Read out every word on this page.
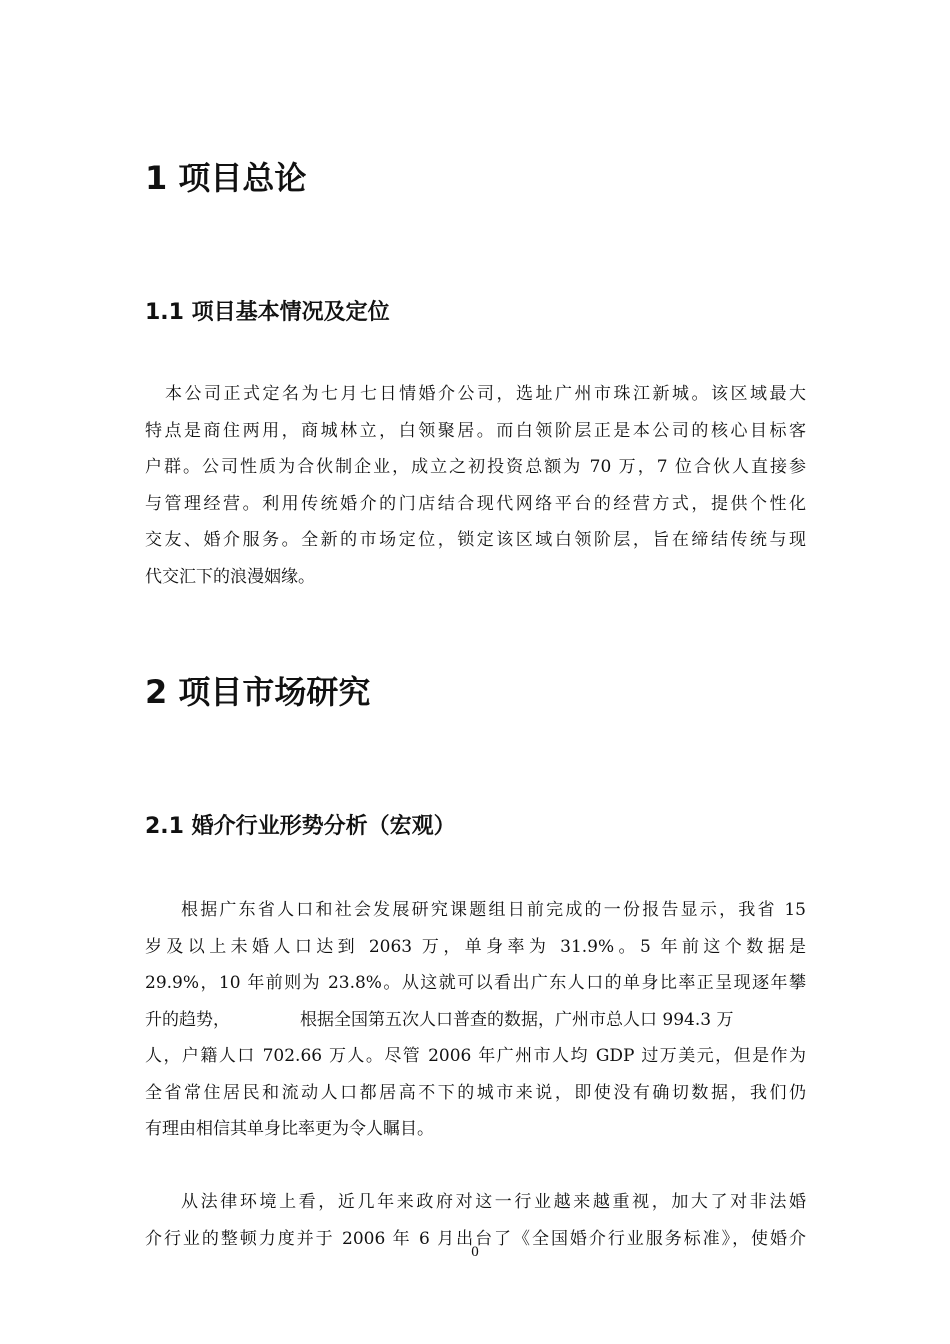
1 项目总论
1.1 项目基本情况及定位
本公司正式定名为七月七日情婚介公司，选址广州市珠江新城。该区域最大
特点是商住两用，商城林立，白领聚居。而白领阶层正是本公司的核心目标客
户群。公司性质为合伙制企业，成立之初投资总额为 70 万，7 位合伙人直接参
与管理经营。利用传统婚介的门店结合现代网络平台的经营方式，提供个性化
交友、婚介服务。全新的市场定位，锁定该区域白领阶层，旨在缔结传统与现
代交汇下的浪漫姻缘。
2 项目市场研究
2.1 婚介行业形势分析（宏观）
根据广东省人口和社会发展研究课题组日前完成的一份报告显示，我省 15
岁及以上未婚人口达到 2063 万，单身率为 31.9%。5 年前这个数据是
29.9%，10 年前则为 23.8%。从这就可以看出广东人口的单身比率正呈现逐年攀
升的趋势，	根据全国第五次人口普查的数据，广州市总人口 994.3 万
人，户籍人口 702.66 万人。尽管 2006 年广州市人均 GDP 过万美元，但是作为
全省常住居民和流动人口都居高不下的城市来说，即使没有确切数据，我们仍
有理由相信其单身比率更为令人瞩目。
从法律环境上看，近几年来政府对这一行业越来越重视，加大了对非法婚
介行业的整顿力度并于 2006 年 6 月出台了《全国婚介行业服务标准》，使婚介
0
